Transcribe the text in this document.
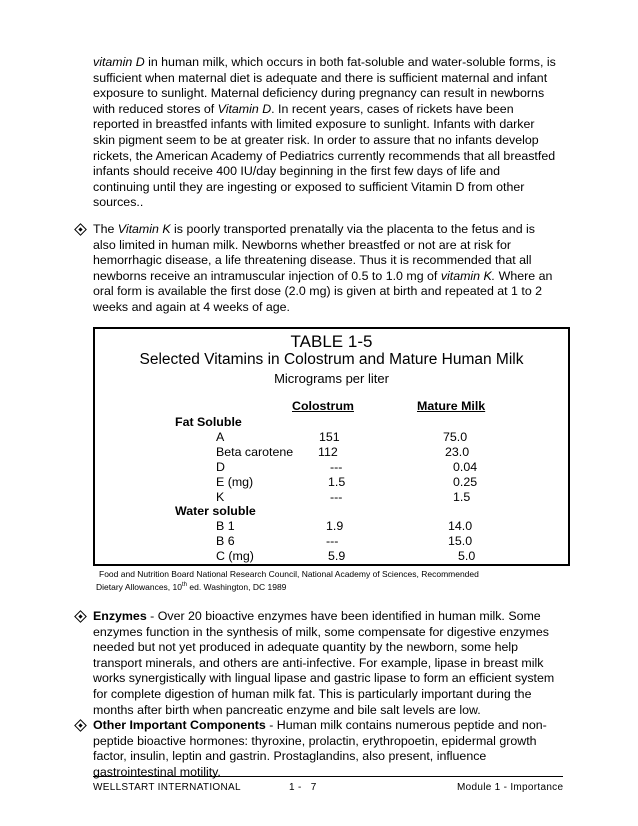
vitamin D in human milk, which occurs in both fat-soluble and water-soluble forms, is
sufficient when maternal diet is adequate and there is sufficient maternal and infant
exposure to sunlight. Maternal deficiency during pregnancy can result in newborns
with reduced stores of Vitamin D. In recent years, cases of rickets have been
reported in breastfed infants with limited exposure to sunlight. Infants with darker
skin pigment seem to be at greater risk. In order to assure that no infants develop
rickets, the American Academy of Pediatrics currently recommends that all breastfed
infants should receive 400 IU/day beginning in the first few days of life and
continuing until they are ingesting or exposed to sufficient Vitamin D from other
sources..
The Vitamin K is poorly transported prenatally via the placenta to the fetus and is
also limited in human milk. Newborns whether breastfed or not are at risk for
hemorrhagic disease, a life threatening disease. Thus it is recommended that all
newborns receive an intramuscular injection of 0.5 to 1.0 mg of vitamin K. Where an
oral form is available the first dose (2.0 mg) is given at birth and repeated at 1 to 2
weeks and again at 4 weeks of age.
TABLE 1-5
Selected Vitamins in Colostrum and Mature Human Milk
Micrograms per liter
Colostrum	Mature Milk
Fat Soluble
A	151	75.0
Beta carotene 112	23.0
D	---	0.04
E (mg)	1.5	0.25
K	---	1.5
Water soluble
B 1	1.9	14.0
B 6	---	15.0
C (mg)	5.9	5.0
Food and Nutrition Board National Research Council, National Academy of Sciences, Recommended
Dietary Allowances, 10th ed. Washington, DC 1989
Enzymes - Over 20 bioactive enzymes have been identified in human milk. Some
enzymes function in the synthesis of milk, some compensate for digestive enzymes
needed but not yet produced in adequate quantity by the newborn, some help
transport minerals, and others are anti-infective. For example, lipase in breast milk
works synergistically with lingual lipase and gastric lipase to form an efficient system
for complete digestion of human milk fat. This is particularly important during the
months after birth when pancreatic enzyme and bile salt levels are low.
Other Important Components - Human milk contains numerous peptide and non-
peptide bioactive hormones: thyroxine, prolactin, erythropoetin, epidermal growth
factor, insulin, leptin and gastrin. Prostaglandins, also present, influence
gastrointestinal motility.
WELLSTART INTERNATIONAL	1 -   7	Module 1 - Importance
